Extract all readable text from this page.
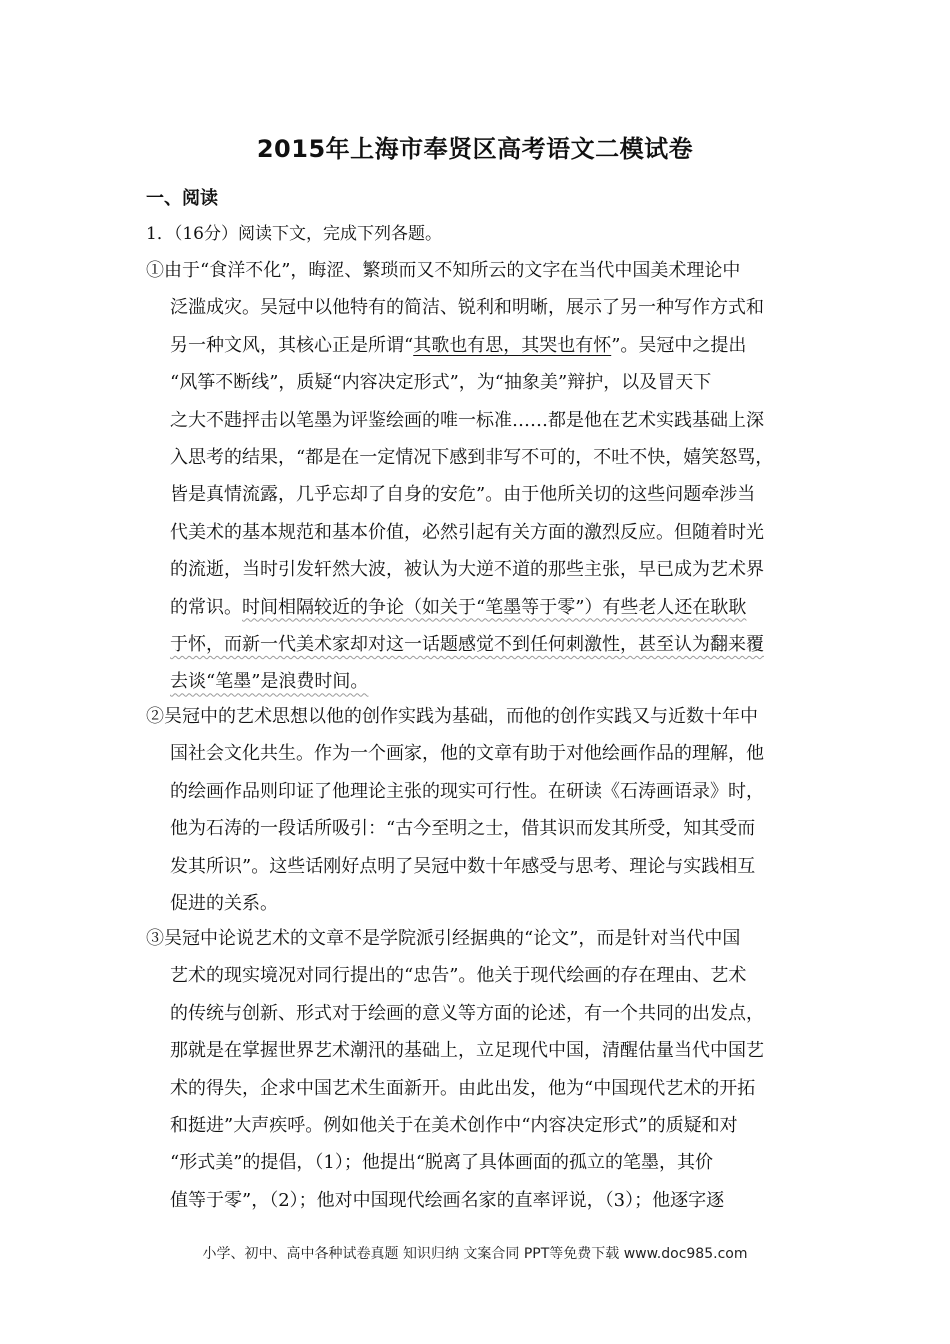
2015年上海市奉贤区高考语文二模试卷
一、阅读
1．（16分）阅读下文，完成下列各题。
①由于“食洋不化”，晦涩、繁琐而又不知所云的文字在当代中国美术理论中
泛滥成灾。吴冠中以他特有的简洁、锐利和明晰，展示了另一种写作方式和
另一种文风，其核心正是所谓“其歌也有思，其哭也有怀”。吴冠中之提出
“风筝不断线”，质疑“内容决定形式”，为“抽象美”辩护，以及冒天下
之大不韪抨击以笔墨为评鉴绘画的唯一标准……都是他在艺术实践基础上深
入思考的结果，“都是在一定情况下感到非写不可的，不吐不快，嬉笑怒骂，
皆是真情流露，几乎忘却了自身的安危”。由于他所关切的这些问题牵涉当
代美术的基本规范和基本价值，必然引起有关方面的激烈反应。但随着时光
的流逝，当时引发轩然大波，被认为大逆不道的那些主张，早已成为艺术界
的常识。时间相隔较近的争论（如关于“笔墨等于零”）有些老人还在耿耿
于怀，而新一代美术家却对这一话题感觉不到任何刺激性，甚至认为翻来覆
去谈“笔墨”是浪费时间。
②吴冠中的艺术思想以他的创作实践为基础，而他的创作实践又与近数十年中
国社会文化共生。作为一个画家，他的文章有助于对他绘画作品的理解，他
的绘画作品则印证了他理论主张的现实可行性。在研读《石涛画语录》时，
他为石涛的一段话所吸引：“古今至明之士，借其识而发其所受，知其受而
发其所识”。这些话刚好点明了吴冠中数十年感受与思考、理论与实践相互
促进的关系。
③吴冠中论说艺术的文章不是学院派引经据典的“论文”，而是针对当代中国
艺术的现实境况对同行提出的“忠告”。他关于现代绘画的存在理由、艺术
的传统与创新、形式对于绘画的意义等方面的论述，有一个共同的出发点，
那就是在掌握世界艺术潮汛的基础上，立足现代中国，清醒估量当代中国艺
术的得失，企求中国艺术生面新开。由此出发，他为“中国现代艺术的开拓
和挺进”大声疾呼。例如他关于在美术创作中“内容决定形式”的质疑和对
“形式美”的提倡，（1）；他提出“脱离了具体画面的孤立的笔墨，其价
值等于零”，（2）；他对中国现代绘画名家的直率评说，（3）；他逐字逐
小学、初中、高中各种试卷真题 知识归纳 文案合同 PPT等免费下载 www.doc985.com
